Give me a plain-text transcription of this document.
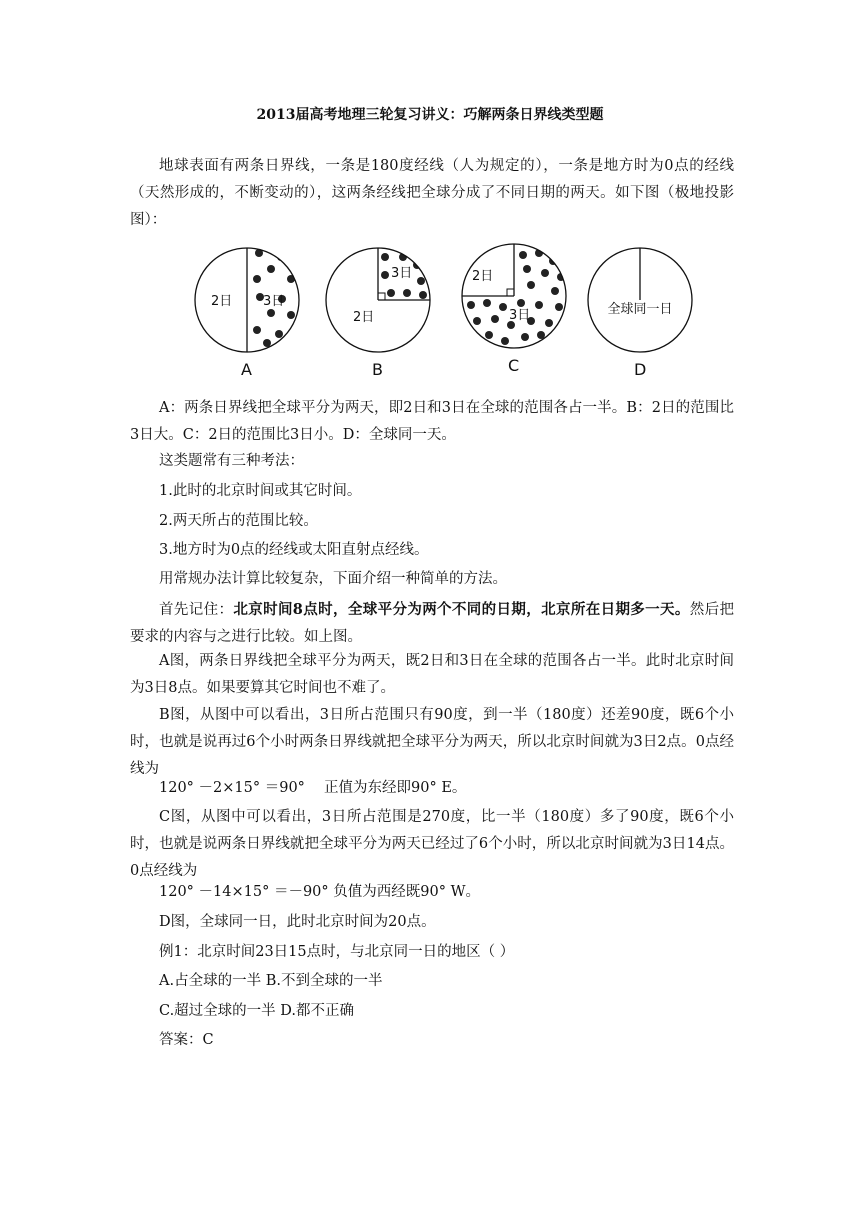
2013届高考地理三轮复习讲义：巧解两条日界线类型题

地球表面有两条日界线，一条是180度经线（人为规定的），一条是地方时为0点的经线（天然形成的，不断变动的），这两条经线把全球分成了不同日期的两天。如下图（极地投影图）：

2日 3日
A
3日
2日
B
2日
3日
C
全球同一日
D

A：两条日界线把全球平分为两天，即2日和3日在全球的范围各占一半。B：2日的范围比3日大。C：2日的范围比3日小。D：全球同一天。

这类题常有三种考法：

1.此时的北京时间或其它时间。

2.两天所占的范围比较。

3.地方时为0点的经线或太阳直射点经线。

用常规办法计算比较复杂，下面介绍一种简单的方法。

首先记住：北京时间8点时，全球平分为两个不同的日期，北京所在日期多一天。然后把要求的内容与之进行比较。如上图。

A图，两条日界线把全球平分为两天，既2日和3日在全球的范围各占一半。此时北京时间为3日8点。如果要算其它时间也不难了。

B图，从图中可以看出，3日所占范围只有90度，到一半（180度）还差90度，既6个小时，也就是说再过6个小时两条日界线就把全球平分为两天，所以北京时间就为3日2点。0点经线为

120° －2×15° ＝90°　 正值为东经即90° E。

C图，从图中可以看出，3日所占范围是270度，比一半（180度）多了90度，既6个小时，也就是说两条日界线就把全球平分为两天已经过了6个小时，所以北京时间就为3日14点。0点经线为

120° －14×15° ＝－90° 负值为西经既90° W。

D图，全球同一日，此时北京时间为20点。

例1：北京时间23日15点时，与北京同一日的地区（ ）

A.占全球的一半 B.不到全球的一半

C.超过全球的一半 D.都不正确

答案：C
